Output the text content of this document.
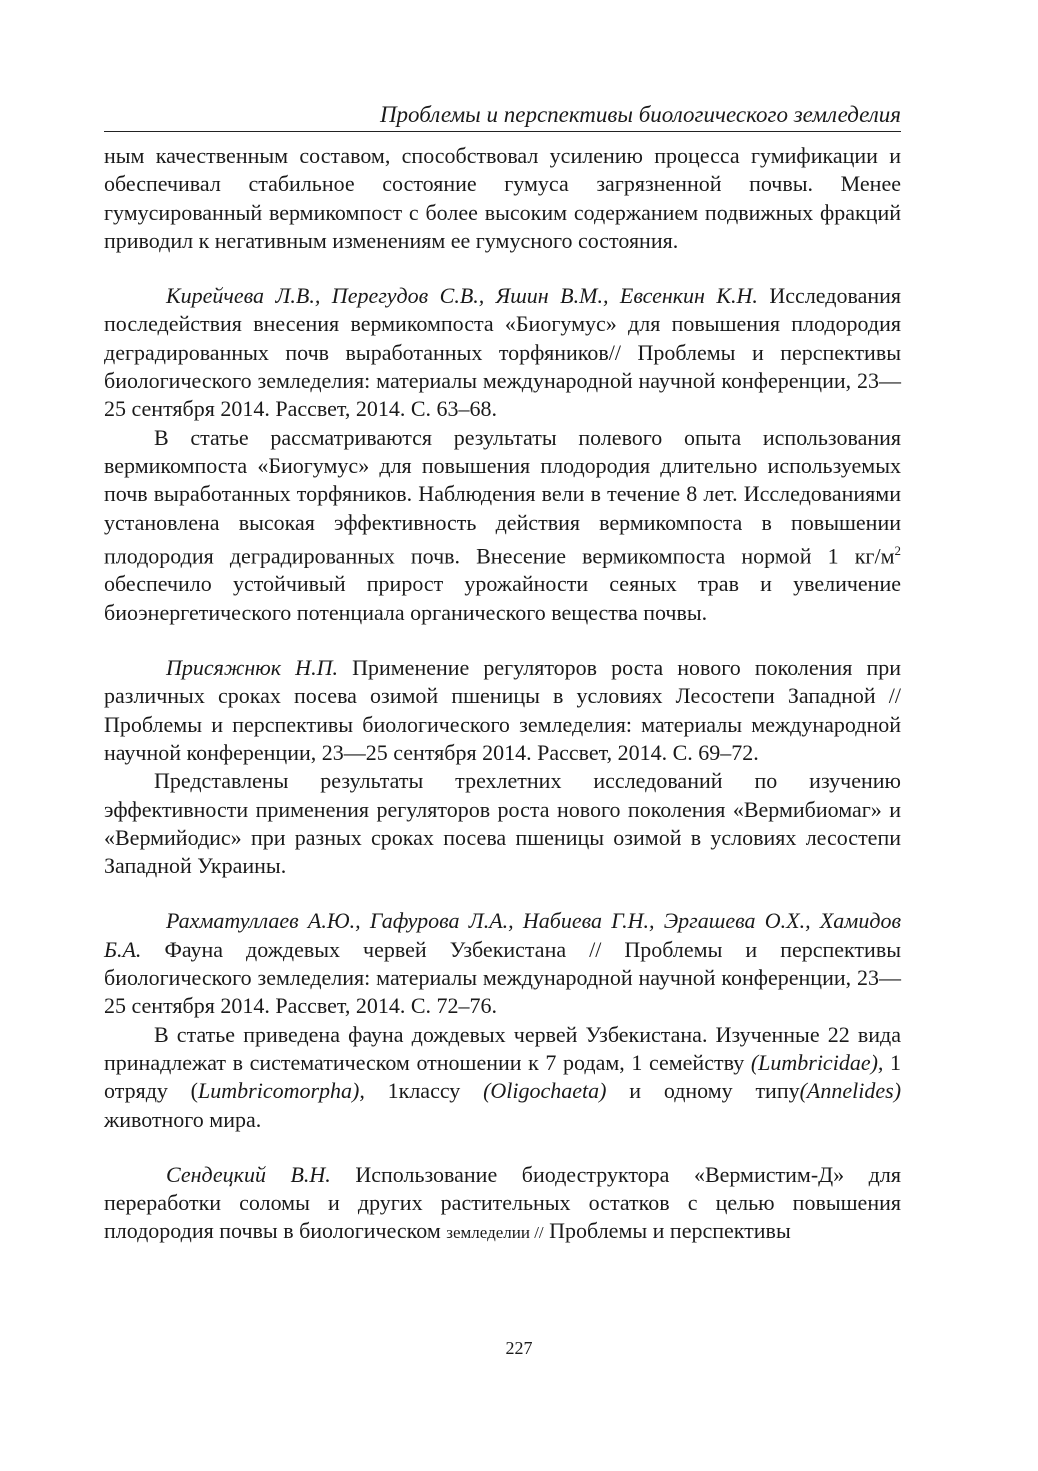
Проблемы и перспективы биологического земледелия

ным качественным составом, способствовал усилению процесса гумификации и обеспечивал стабильное состояние гумуса загрязненной почвы. Менее гумусированный вермикомпост с более высоким содержанием подвижных фракций приводил к негативным изменениям ее гумусного состояния.

Кирейчева Л.В., Перегудов С.В., Яшин В.М., Евсенкин К.Н. Исследования последействия внесения вермикомпоста «Биогумус» для повышения плодородия деградированных почв выработанных торфяников// Проблемы и перспективы биологического земледелия: материалы международной научной конференции, 23—25 сентября 2014. Рассвет, 2014. С. 63–68.

В статье рассматриваются результаты полевого опыта использования вермикомпоста «Биогумус» для повышения плодородия длительно используемых почв выработанных торфяников. Наблюдения вели в течение 8 лет. Исследованиями установлена высокая эффективность действия вермикомпоста в повышении плодородия деградированных почв. Внесение вермикомпоста нормой 1 $кг/м^2$ обеспечило устойчивый прирост урожайности сеяных трав и увеличение биоэнергетического потенциала органического вещества почвы.

Присяжнюк Н.П. Применение регуляторов роста нового поколения при различных сроках посева озимой пшеницы в условиях Лесостепи Западной // Проблемы и перспективы биологического земледелия: материалы международной научной конференции, 23—25 сентября 2014. Рассвет, 2014. С. 69–72.

Представлены результаты трехлетних исследований по изучению эффективности применения регуляторов роста нового поколения «Вермибиомаг» и «Вермийодис» при разных сроках посева пшеницы озимой в условиях лесостепи Западной Украины.

Рахматуллаев А.Ю., Гафурова Л.А., Набиева Г.Н., Эргашева О.Х., Хамидов Б.А. Фауна дождевых червей Узбекистана // Проблемы и перспективы биологического земледелия: материалы международной научной конференции, 23—25 сентября 2014. Рассвет, 2014. С. 72–76.

В статье приведена фауна дождевых червей Узбекистана. Изученные 22 вида принадлежат в систематическом отношении к 7 родам, 1 семейству (Lumbricidae), 1 отряду (Lumbricomorpha), 1классу (Oligochaeta) и одному типу(Annelides) животного мира.

Сендецкий В.Н. Использование биодеструктора «Вермистим-Д» для переработки соломы и других растительных остатков с целью повышения плодородия почвы в биологическом земледелии // Проблемы и перспективы

227
